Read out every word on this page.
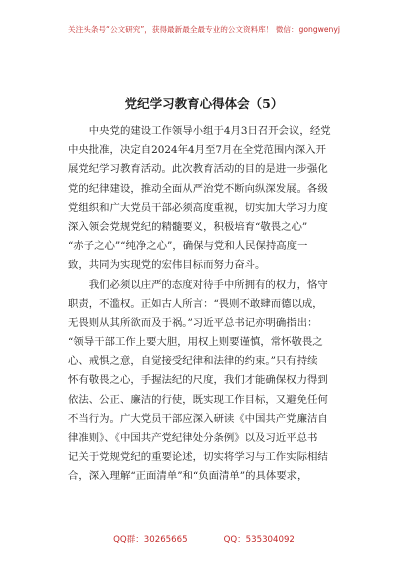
关注头条号“公文研究”，获得最新最全最专业的公文资料库！ 微信：gongwenyj
党纪学习教育心得体会（5）
　　中央党的建设工作领导小组于4月3日召开会议，经党
中央批准，决定自2024年4月至7月在全党范围内深入开
展党纪学习教育活动。此次教育活动的目的是进一步强化
党的纪律建设，推动全面从严治党不断向纵深发展。各级
党组织和广大党员干部必须高度重视，切实加大学习力度
深入领会党规党纪的精髓要义，积极培育“敬畏之心”
“赤子之心”“纯净之心”，确保与党和人民保持高度一
致，共同为实现党的宏伟目标而努力奋斗。
　　我们必须以庄严的态度对待手中所拥有的权力，恪守
职责，不滥权。正如古人所言：“畏则不敢肆而德以成，
无畏则从其所欲而及于祸。”习近平总书记亦明确指出：
“领导干部工作上要大胆，用权上则要谨慎，常怀敬畏之
心、戒惧之意，自觉接受纪律和法律的约束。”只有持续
怀有敬畏之心，手握法纪的尺度，我们才能确保权力得到
依法、公正、廉洁的行使，既实现工作目标，又避免任何
不当行为。广大党员干部应深入研读《中国共产党廉洁自
律准则》、《中国共产党纪律处分条例》以及习近平总书
记关于党规党纪的重要论述，切实将学习与工作实际相结
合，深入理解“正面清单”和“负面清单”的具体要求，
QQ群：30265665	QQ：535304092
